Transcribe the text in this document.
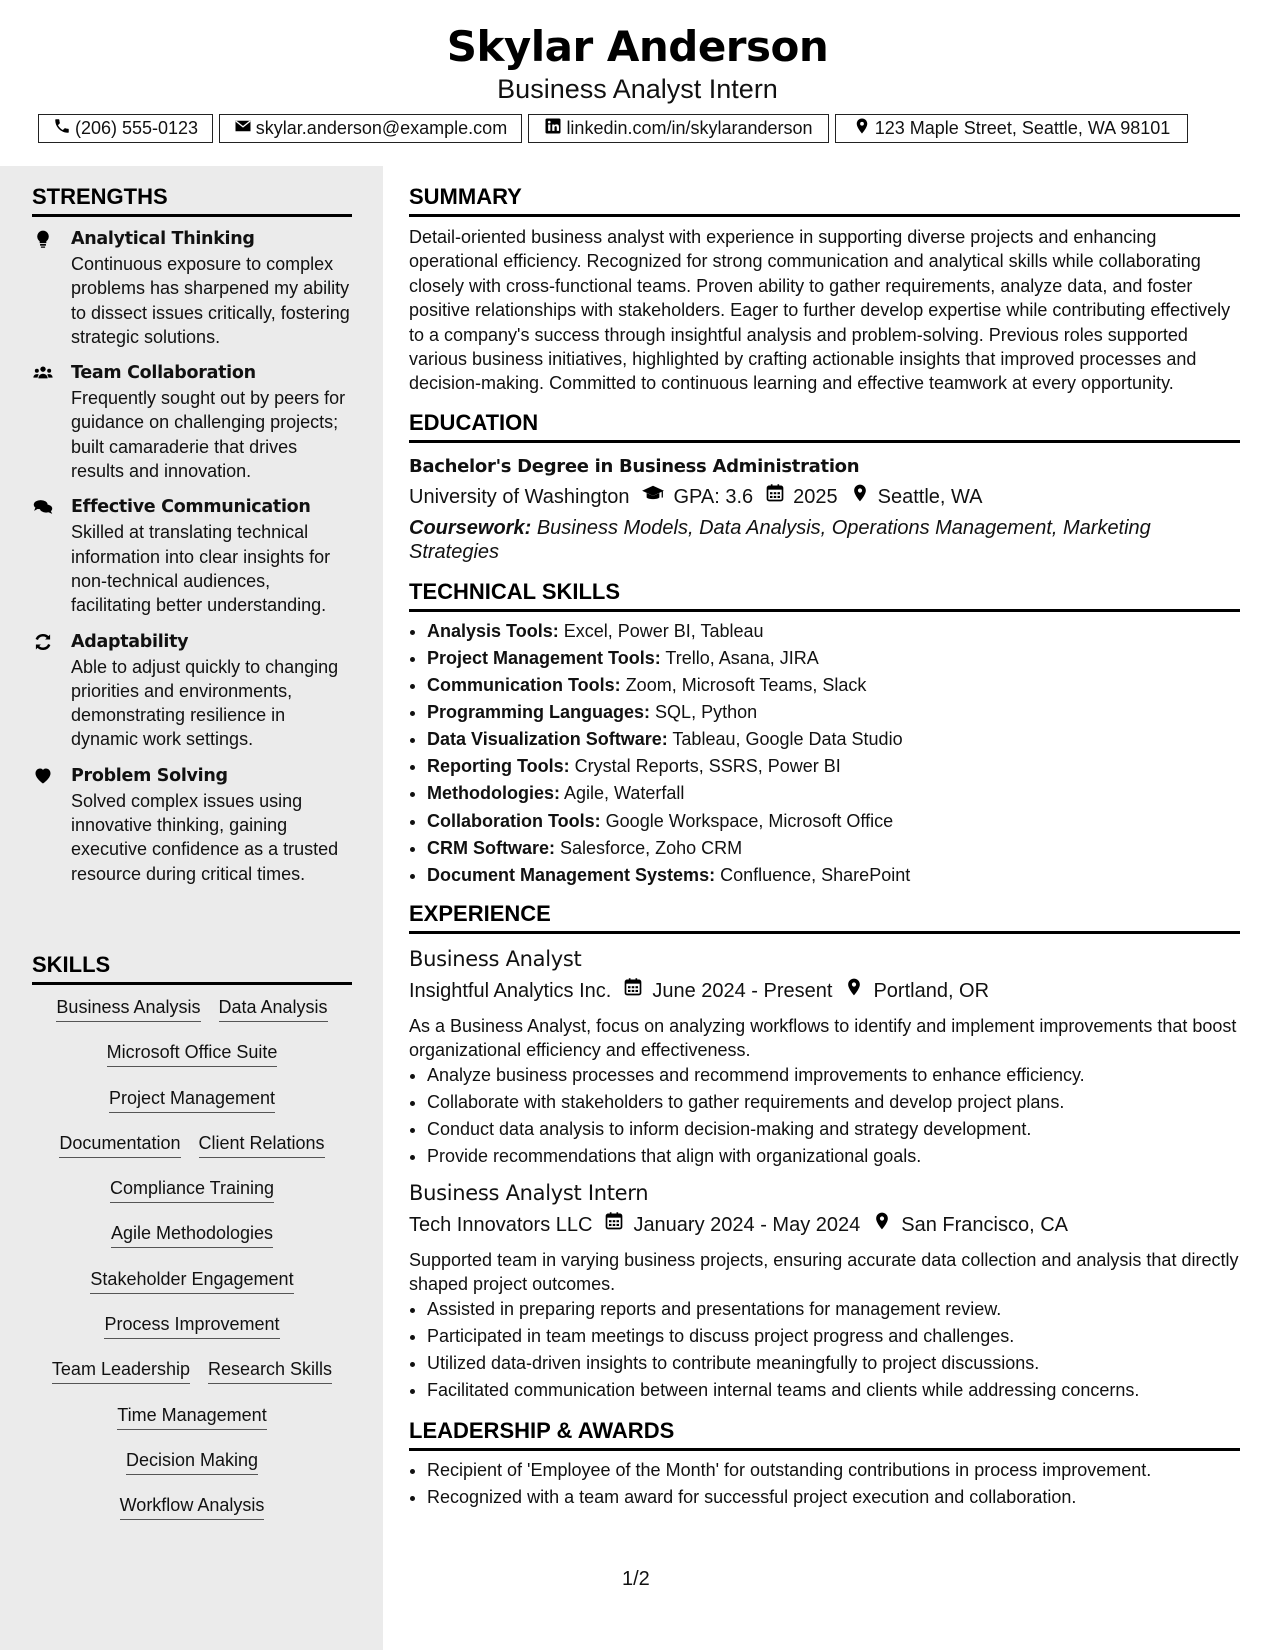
Skylar Anderson
Business Analyst Intern
(206) 555-0123	skylar.anderson@example.com	linkedin.com/in/skylaranderson	123 Maple Street, Seattle, WA 98101
STRENGTHS
Analytical Thinking
Continuous exposure to complex problems has sharpened my ability to dissect issues critically, fostering strategic solutions.
Team Collaboration
Frequently sought out by peers for guidance on challenging projects; built camaraderie that drives results and innovation.
Effective Communication
Skilled at translating technical information into clear insights for non-technical audiences, facilitating better understanding.
Adaptability
Able to adjust quickly to changing priorities and environments, demonstrating resilience in dynamic work settings.
Problem Solving
Solved complex issues using innovative thinking, gaining executive confidence as a trusted resource during critical times.
SKILLS
Business Analysis Data Analysis
Microsoft Office Suite
Project Management
Documentation Client Relations
Compliance Training
Agile Methodologies
Stakeholder Engagement
Process Improvement
Team Leadership Research Skills
Time Management
Decision Making
Workflow Analysis
SUMMARY
Detail-oriented business analyst with experience in supporting diverse projects and enhancing operational efficiency. Recognized for strong communication and analytical skills while collaborating closely with cross-functional teams. Proven ability to gather requirements, analyze data, and foster positive relationships with stakeholders. Eager to further develop expertise while contributing effectively to a company's success through insightful analysis and problem-solving. Previous roles supported various business initiatives, highlighted by crafting actionable insights that improved processes and decision-making. Committed to continuous learning and effective teamwork at every opportunity.
EDUCATION
Bachelor's Degree in Business Administration
University of Washington GPA: 3.6 2025 Seattle, WA
Coursework: Business Models, Data Analysis, Operations Management, Marketing Strategies
TECHNICAL SKILLS
• Analysis Tools: Excel, Power BI, Tableau
• Project Management Tools: Trello, Asana, JIRA
• Communication Tools: Zoom, Microsoft Teams, Slack
• Programming Languages: SQL, Python
• Data Visualization Software: Tableau, Google Data Studio
• Reporting Tools: Crystal Reports, SSRS, Power BI
• Methodologies: Agile, Waterfall
• Collaboration Tools: Google Workspace, Microsoft Office
• CRM Software: Salesforce, Zoho CRM
• Document Management Systems: Confluence, SharePoint
EXPERIENCE
Business Analyst
Insightful Analytics Inc. June 2024 - Present Portland, OR
As a Business Analyst, focus on analyzing workflows to identify and implement improvements that boost organizational efficiency and effectiveness.
• Analyze business processes and recommend improvements to enhance efficiency.
• Collaborate with stakeholders to gather requirements and develop project plans.
• Conduct data analysis to inform decision-making and strategy development.
• Provide recommendations that align with organizational goals.
Business Analyst Intern
Tech Innovators LLC January 2024 - May 2024 San Francisco, CA
Supported team in varying business projects, ensuring accurate data collection and analysis that directly shaped project outcomes.
• Assisted in preparing reports and presentations for management review.
• Participated in team meetings to discuss project progress and challenges.
• Utilized data-driven insights to contribute meaningfully to project discussions.
• Facilitated communication between internal teams and clients while addressing concerns.
LEADERSHIP & AWARDS
• Recipient of 'Employee of the Month' for outstanding contributions in process improvement.
• Recognized with a team award for successful project execution and collaboration.
1/2
